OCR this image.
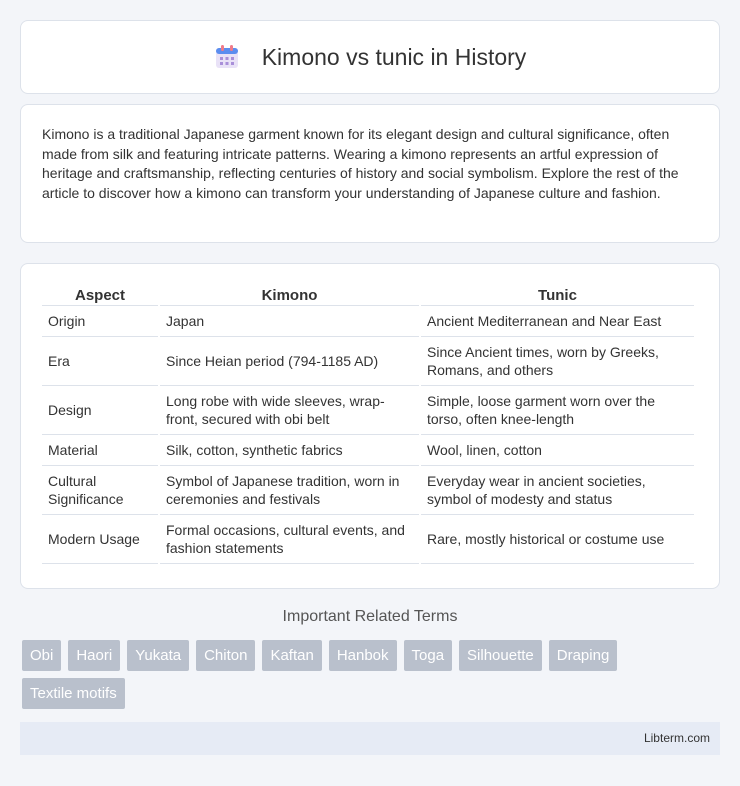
Kimono vs tunic in History

Kimono is a traditional Japanese garment known for its elegant design and cultural significance, often made from silk and featuring intricate patterns. Wearing a kimono represents an artful expression of heritage and craftsmanship, reflecting centuries of history and social symbolism. Explore the rest of the article to discover how a kimono can transform your understanding of Japanese culture and fashion.

Aspect	Kimono	Tunic
Origin	Japan	Ancient Mediterranean and Near East
Era	Since Heian period (794-1185 AD)	Since Ancient times, worn by Greeks, Romans, and others
Design	Long robe with wide sleeves, wrap-front, secured with obi belt	Simple, loose garment worn over the torso, often knee-length
Material	Silk, cotton, synthetic fabrics	Wool, linen, cotton
Cultural Significance	Symbol of Japanese tradition, worn in ceremonies and festivals	Everyday wear in ancient societies, symbol of modesty and status
Modern Usage	Formal occasions, cultural events, and fashion statements	Rare, mostly historical or costume use
Important Related Terms
Obi	Haori	Yukata	Chiton	Kaftan	Hanbok	Toga	Silhouette	Draping
Textile motifs
Libterm.com
